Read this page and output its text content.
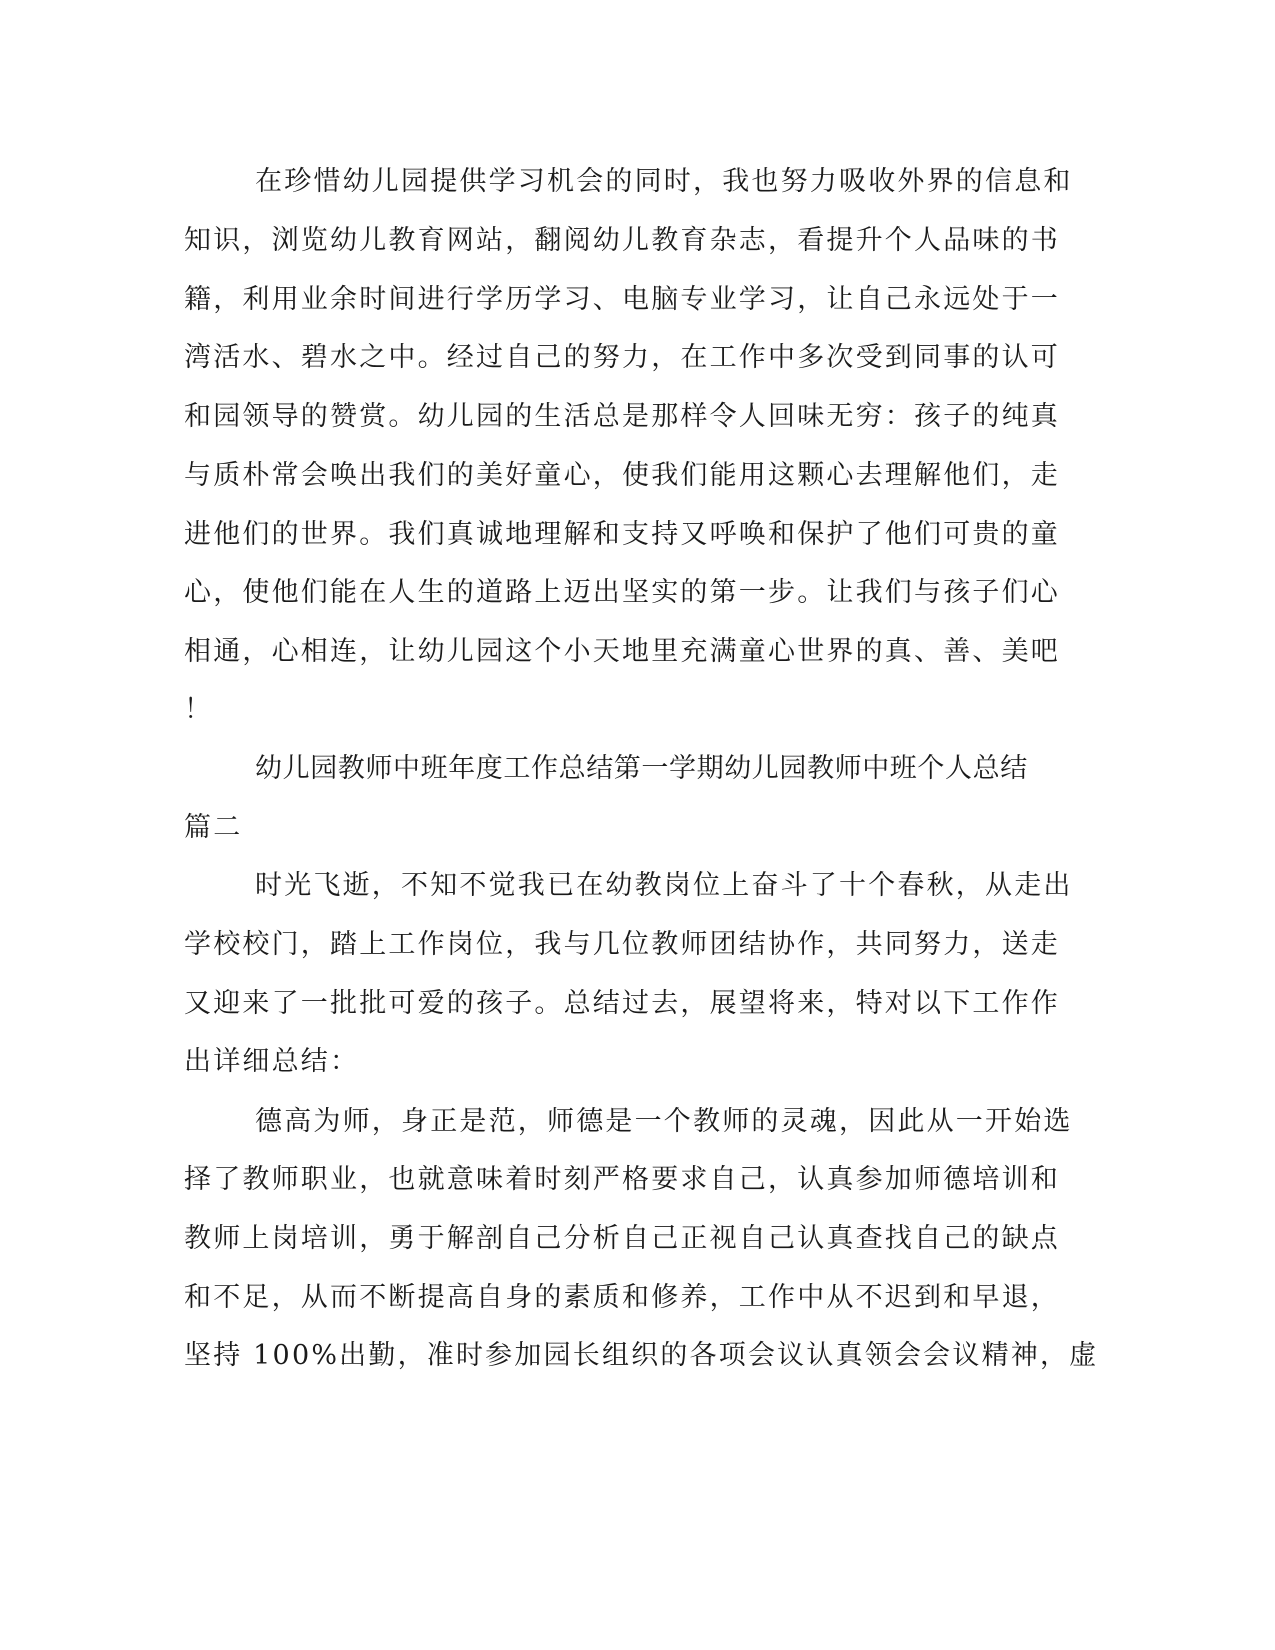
在珍惜幼儿园提供学习机会的同时，我也努力吸收外界的信息和

知识，浏览幼儿教育网站，翻阅幼儿教育杂志，看提升个人品味的书

籍，利用业余时间进行学历学习、电脑专业学习，让自己永远处于一

湾活水、碧水之中。经过自己的努力，在工作中多次受到同事的认可

和园领导的赞赏。幼儿园的生活总是那样令人回味无穷：孩子的纯真

与质朴常会唤出我们的美好童心，使我们能用这颗心去理解他们，走

进他们的世界。我们真诚地理解和支持又呼唤和保护了他们可贵的童

心，使他们能在人生的道路上迈出坚实的第一步。让我们与孩子们心

相通，心相连，让幼儿园这个小天地里充满童心世界的真、善、美吧

！

幼儿园教师中班年度工作总结第一学期幼儿园教师中班个人总结

篇二

时光飞逝，不知不觉我已在幼教岗位上奋斗了十个春秋，从走出

学校校门，踏上工作岗位，我与几位教师团结协作，共同努力，送走

又迎来了一批批可爱的孩子。总结过去，展望将来，特对以下工作作

出详细总结：

德高为师，身正是范，师德是一个教师的灵魂，因此从一开始选

择了教师职业，也就意味着时刻严格要求自己，认真参加师德培训和

教师上岗培训，勇于解剖自己分析自己正视自己认真查找自己的缺点

和不足，从而不断提高自身的素质和修养，工作中从不迟到和早退，

坚持 100%出勤，准时参加园长组织的各项会议认真领会会议精神，虚
